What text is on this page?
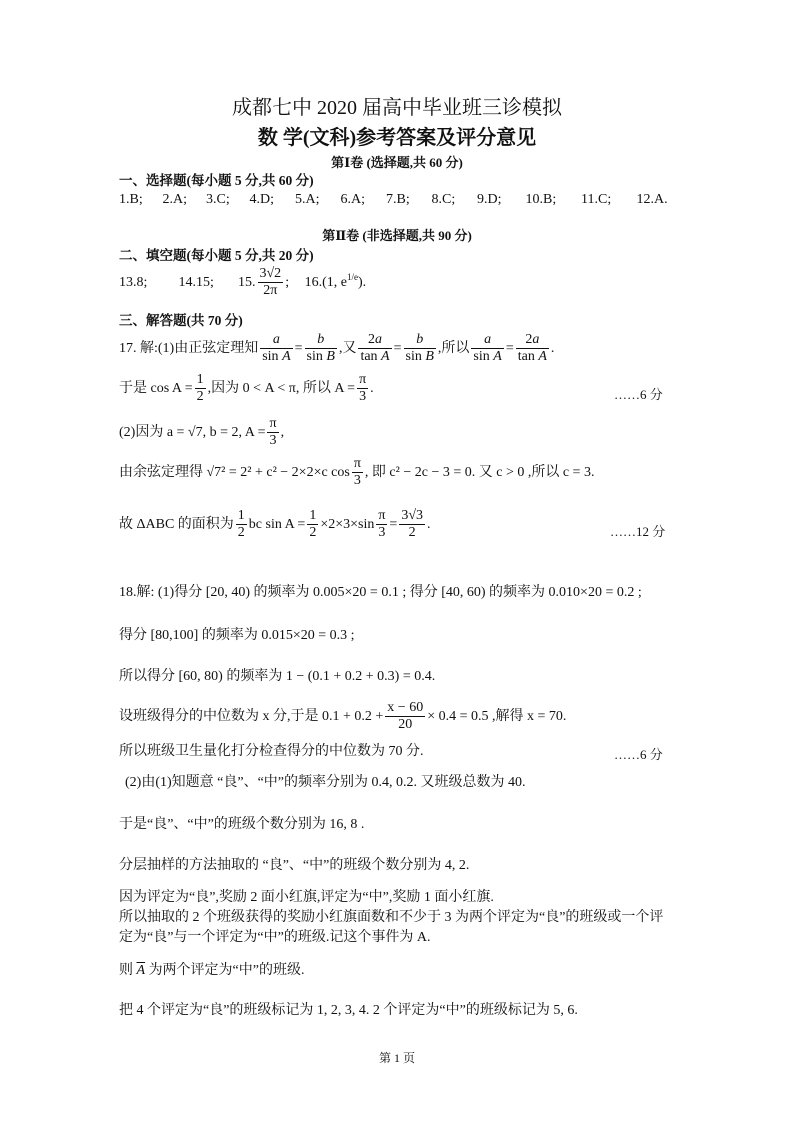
成都七中 2020 届高中毕业班三诊模拟
数 学(文科)参考答案及评分意见
第Ⅰ卷 (选择题,共 60 分)
一、选择题(每小题 5 分,共 60 分)
1.B; 2.A; 3.C; 4.D; 5.A; 6.A; 7.B; 8.C; 9.D; 10.B; 11.C; 12.A.
第Ⅱ卷 (非选择题,共 90 分)
二、填空题(每小题 5 分,共 20 分)
13.8; 14.15; 15. $\frac{3√2}{2\pi}$ ; 16.(1, $e^{1/e}$).
三、解答题(共 70 分)
17. 解:(1)由正弦定理知 $\frac{a}{\text{sin A}} = \frac{b}{\text{sin B}}$ ,又 $\frac{2a}{\text{tan A}} = \frac{b}{\text{sin B}}$ ,所以 $\frac{a}{\text{sin A}} = \frac{2a}{\text{tan A}}$ .
于是 $\cos A = \frac{1}{2}$ ,因为 0 < A < π, 所以 $A = \frac{\pi}{3}$ .	……6 分
(2)因为 a = √7, b = 2, $A = \frac{\pi}{3}$ ,
由余弦定理得 √7² = 2² + c² − 2×2×c $\cos \frac{\pi}{3}$ , 即 c² − 2c − 3 = 0. 又 c > 0 ,所以 c = 3.
故 ΔABC 的面积为 $\frac{1}{2}$ bc $\sin A = \frac{1}{2} \times 2\times 3\times\sin \frac{\pi}{3} = \frac{3√3}{2}$ .	……12 分
18.解: (1)得分 [20, 40) 的频率为 0.005×20 = 0.1 ; 得分 [40, 60) 的频率为 0.010×20 = 0.2 ;
得分 [80,100] 的频率为 0.015×20 = 0.3 ;
所以得分 [60, 80) 的频率为 1 − (0.1 + 0.2 + 0.3) = 0.4.
设班级得分的中位数为 x 分,于是 $0.1 + 0.2 + \frac{x - 60}{20} \times 0.4 = 0.5$ ,解得 x = 70.
所以班级卫生量化打分检查得分的中位数为 70 分.	……6 分
(2)由(1)知题意 “良”、“中”的频率分别为 0.4, 0.2. 又班级总数为 40.
于是“良”、“中”的班级个数分别为 16, 8 .
分层抽样的方法抽取的 “良”、“中”的班级个数分别为 4, 2.
因为评定为“良”,奖励 2 面小红旗,评定为“中”,奖励 1 面小红旗.
所以抽取的 2 个班级获得的奖励小红旗面数和不少于 3 为两个评定为“良”的班级或一个评
定为“良”与一个评定为“中”的班级.记这个事件为 A.
则 $\overline{A}$ 为两个评定为“中”的班级.
把 4 个评定为“良”的班级标记为 1, 2, 3, 4. 2 个评定为“中”的班级标记为 5, 6.
第 1 页
